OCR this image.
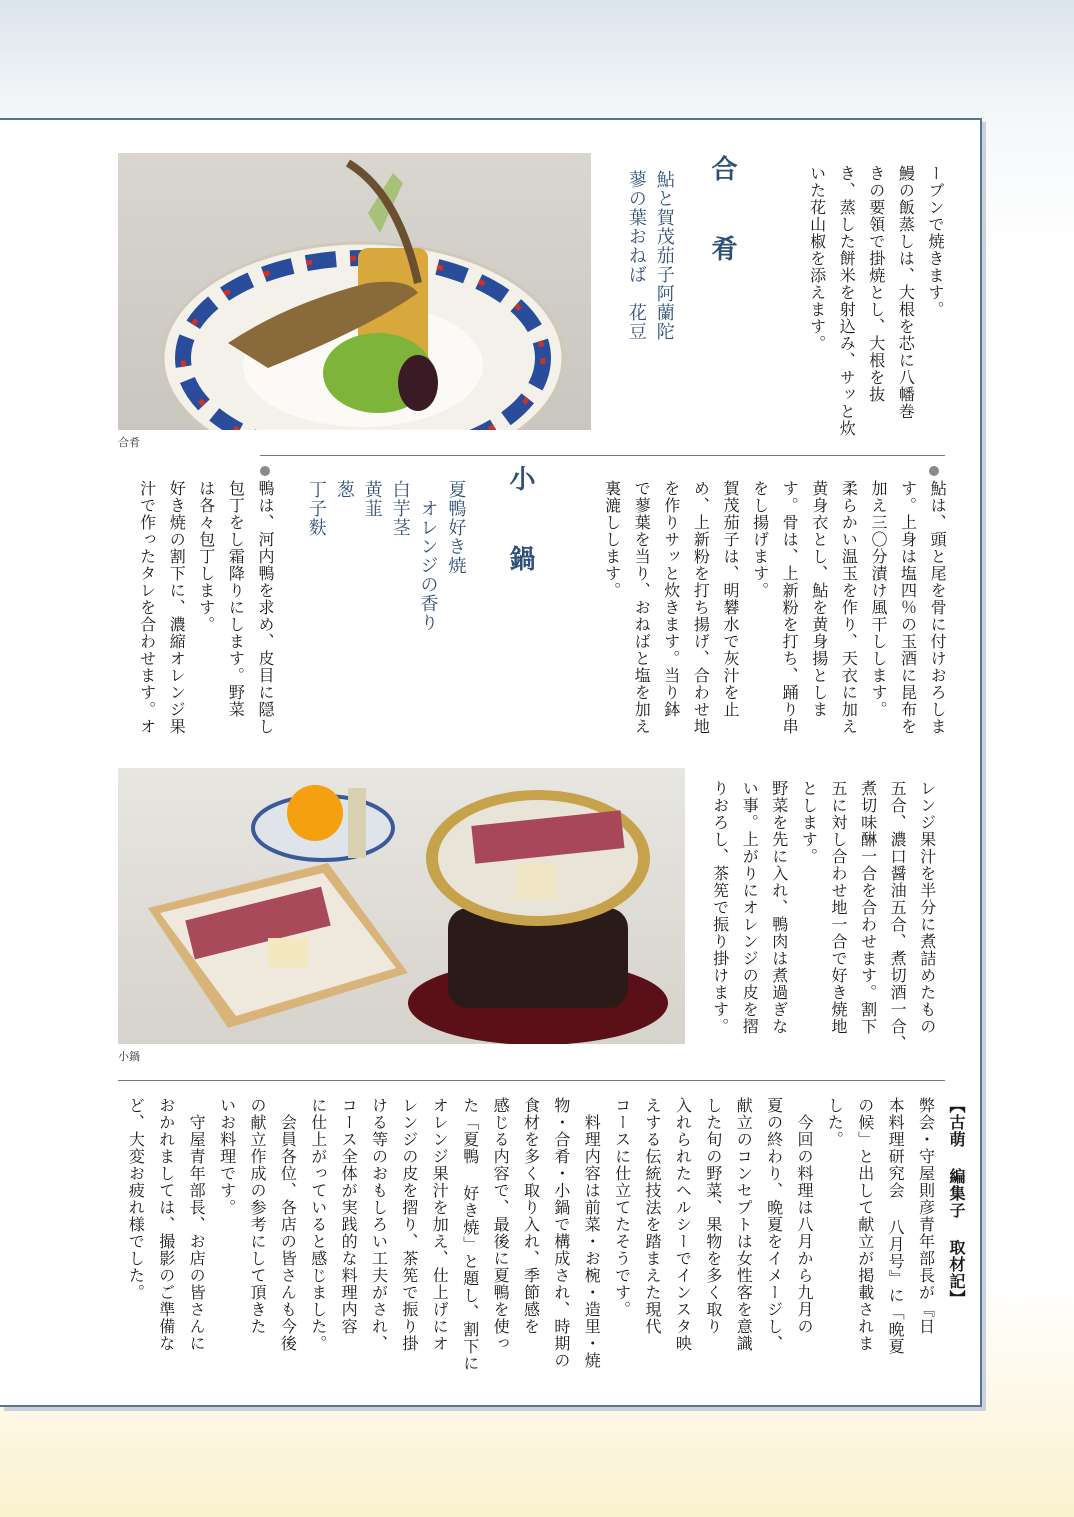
合肴
合　肴
鮎と賀茂茄子阿蘭陀
蓼の葉おねば　花豆	ーブンで焼きます。
鰻の飯蒸しは、大根を芯に八幡巻
きの要領で掛焼とし、大根を抜
き、蒸した餅米を射込み、サッと炊
いた花山椒を添えます。
鮎は、頭と尾を骨に付けおろしま
す。上身は塩四％の玉酒に昆布を
加え三〇分漬け風干しします。
柔らかい温玉を作り、天衣に加え
黄身衣とし、鮎を黄身揚としま
す。骨は、上新粉を打ち、踊り串
をし揚げます。
賀茂茄子は、明礬水で灰汁を止
め、上新粉を打ち揚げ、合わせ地
を作りサッと炊きます。当り鉢
で蓼葉を当り、おねばと塩を加え
裏漉しします。
小　鍋
夏鴨好き焼
　オレンジの香り
白芋茎
黄韮
葱
丁子麩
鴨は、河内鴨を求め、皮目に隠し
包丁をし霜降りにします。野菜
は各々包丁します。
好き焼の割下に、濃縮オレンジ果
汁で作ったタレを合わせます。オ
小鍋
レンジ果汁を半分に煮詰めたもの
五合、濃口醤油五合、煮切酒一合、
煮切味醂一合を合わせます。割下
五に対し合わせ地一合で好き焼地
とします。
野菜を先に入れ、鴨肉は煮過ぎな
い事。上がりにオレンジの皮を摺
りおろし、茶筅で振り掛けます。
【古萌 編集子 取材記】
弊会・守屋則彦青年部長が『日
本料理研究会 八月号』に「晩夏
の候」と出して献立が掲載されま
した。
　今回の料理は八月から九月の
夏の終わり、晩夏をイメージし、
献立のコンセプトは女性客を意識
した旬の野菜、果物を多く取り
入れられたヘルシーでインスタ映
えする伝統技法を踏まえた現代
コースに仕立てたそうです。
　料理内容は前菜・お椀・造里・焼
物・合肴・小鍋で構成され、時期の
食材を多く取り入れ、季節感を
感じる内容で、最後に夏鴨を使っ
た「夏鴨 好き焼」と題し、割下に
オレンジ果汁を加え、仕上げにオ
レンジの皮を摺り、茶筅で振り掛
ける等のおもしろい工夫がされ、
コース全体が実践的な料理内容
に仕上がっていると感じました。
　会員各位、各店の皆さんも今後
の献立作成の参考にして頂きた
いお料理です。
　守屋青年部長、お店の皆さんに
おかれましては、撮影のご準備な
ど、大変お疲れ様でした。
